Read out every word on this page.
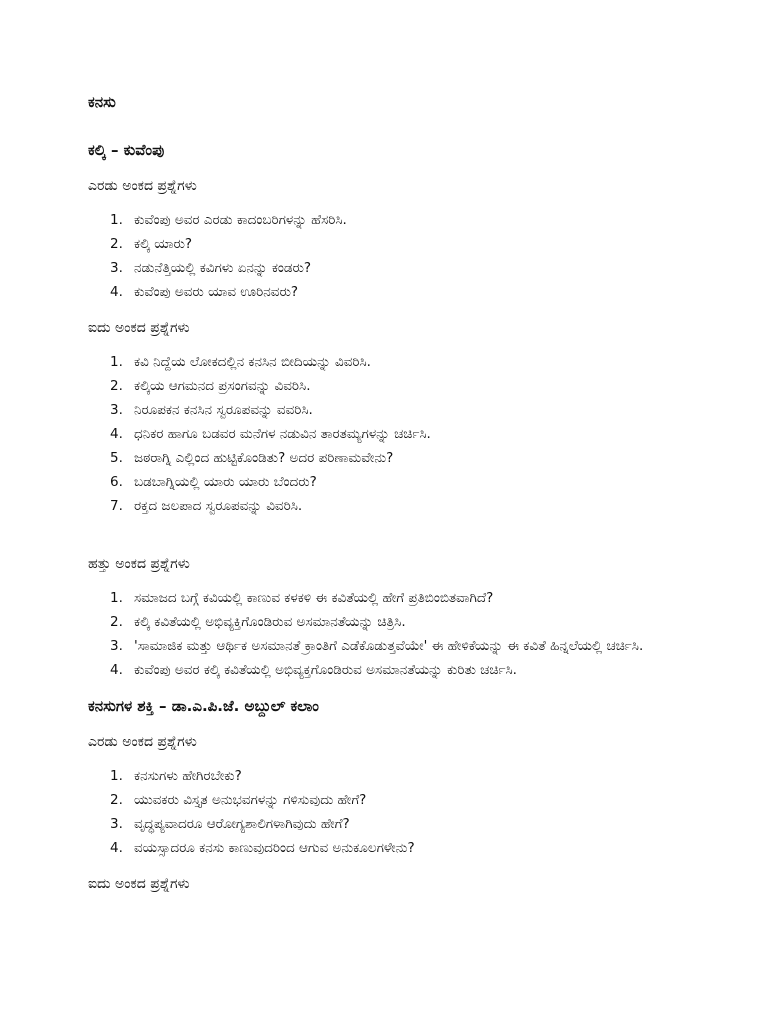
ಕನಸು
ಕಲ್ಕಿ – ಕುವೆಂಪು
ಎರಡು ಅಂಕದ ಪ್ರಶ್ನೆಗಳು
1. ಕುವೆಂಪು ಅವರ ಎರಡು ಕಾದಂಬರಿಗಳನ್ನು ಹೆಸರಿಸಿ.
2. ಕಲ್ಕಿ ಯಾರು?
3. ನಡುನೆತ್ತಿಯಲ್ಲಿ ಕವಿಗಳು ಏನನ್ನು ಕಂಡರು?
4. ಕುವೆಂಪು ಅವರು ಯಾವ ಊರಿನವರು?
ಐದು ಅಂಕದ ಪ್ರಶ್ನೆಗಳು
1. ಕವಿ ನಿದ್ದೆಯ ಲೋಕದಲ್ಲಿನ ಕನಸಿನ ಬೀದಿಯನ್ನು ವಿವರಿಸಿ.
2. ಕಲ್ಕಿಯ ಆಗಮನದ ಪ್ರಸಂಗವನ್ನು ವಿವರಿಸಿ.
3. ನಿರೂಪಕನ ಕನಸಿನ ಸ್ವರೂಪವನ್ನು ವವರಿಸಿ.
4. ಧನಿಕರ ಹಾಗೂ ಬಡವರ ಮನೆಗಳ ನಡುವಿನ ತಾರತಮ್ಯಗಳನ್ನು ಚರ್ಚಿಸಿ.
5. ಜಠರಾಗ್ನಿ ಎಲ್ಲಿಂದ ಹುಟ್ಟಿಕೊಂಡಿತು? ಅದರ ಪರಿಣಾಮವೇನು?
6. ಬಡಬಾಗ್ನಿಯಲ್ಲಿ ಯಾರು ಯಾರು ಬೆಂದರು?
7. ರಕ್ತದ ಜಲಪಾದ ಸ್ವರೂಪವನ್ನು ವಿವರಿಸಿ.
ಹತ್ತು ಅಂಕದ ಪ್ರಶ್ನೆಗಳು
1. ಸಮಾಜದ ಬಗ್ಗೆ ಕವಿಯಲ್ಲಿ ಕಾಣುವ ಕಳಕಳಿ ಈ ಕವಿತೆಯಲ್ಲಿ ಹೇಗೆ ಪ್ರತಿಬಿಂಬಿತವಾಗಿದೆ?
2. ಕಲ್ಕಿ ಕವಿತೆಯಲ್ಲಿ ಅಭಿವ್ಯಕ್ತಿಗೊಂಡಿರುವ ಅಸಮಾನತೆಯನ್ನು ಚಿತ್ರಿಸಿ.
3. 'ಸಾಮಾಜಿಕ ಮತ್ತು ಆರ್ಥಿಕ ಅಸಮಾನತೆ ಕ್ರಾಂತಿಗೆ ಎಡೆಕೊಡುತ್ತವೆಯೇ' ಈ ಹೇಳಿಕೆಯನ್ನು ಈ ಕವಿತೆ ಹಿನ್ನಲೆಯಲ್ಲಿ ಚರ್ಚಿಸಿ.
4. ಕುವೆಂಪು ಅವರ ಕಲ್ಕಿ ಕವಿತೆಯಲ್ಲಿ ಅಭಿವ್ಯಕ್ತಗೊಂಡಿರುವ ಅಸಮಾನತೆಯನ್ನು ಕುರಿತು ಚರ್ಚಿಸಿ.
ಕನಸುಗಳ ಶಕ್ತಿ – ಡಾ.ಎ.ಪಿ.ಜೆ. ಅಬ್ದುಲ್ ಕಲಾಂ
ಎರಡು ಅಂಕದ ಪ್ರಶ್ನೆಗಳು
1. ಕನಸುಗಳು ಹೇಗಿರಬೇಕು?
2. ಯುವಕರು ವಿಸ್ತೃತ ಅನುಭವಗಳನ್ನು ಗಳಿಸುವುದು ಹೇಗೆ?
3. ವೃದ್ಧಪ್ಯವಾದರೂ ಆರೋಗ್ಯಶಾಲಿಗಳಾಗಿವುದು ಹೇಗೆ?
4. ವಯಸ್ಸಾದರೂ ಕನಸು ಕಾಣುವುದರಿಂದ ಆಗುವ ಅನುಕೂಲಗಳೇನು?
ಐದು ಅಂಕದ ಪ್ರಶ್ನೆಗಳು
